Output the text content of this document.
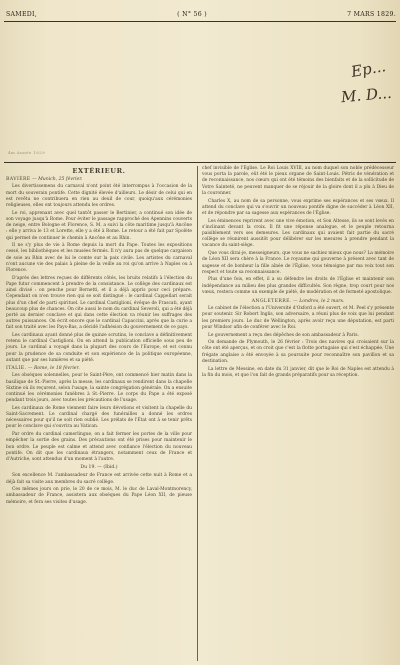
SAMEDI,	( N° 56 )	7 MARS 1829.
Ep...
M. D...
4m Année 1829
EXTÉRIEUR.
BAVIÈRE — Munich, 25 février.

Les divertissemens du carnaval n'ont point été interrompus à l'occasion de la mort du souverain pontife. Cette dignité élevée d'ailleurs. Le désir de celui qui en est revêtu ne contribuera en rien au deuil de cour, quoiqu'aux cérémonies religieuses, elles ont toujours attendu les ordres.

Le roi, apprenant avec quel tantôt passer le Bertinier, a continué son idée de son voyage jusqu'à Rome. Pour éviter le passage rapproché des Apennins couverts de neige, entre Bologne et Florence, S. M. a suivi la côte maritime jusqu'à Ancône : elle y arriva le 13 et Lorette, elle y a été à Rome. Le retour a été fait par Spolète qui permet de continuer le chemin à Ancône et au Rhin.

Il ne s'y plus de vie à Rome depuis la mort du Pape. Toutes les expositions cessé, les bibliothèques et les musées fermés. Il n'y aura pas de quelque cargaison de soie au Rhin avec de lui le comte sur la paix civile. Les artistes du carnaval n'ont aucune vie des palais à pleine de la veille au roi qu'on arrive à Naples ou à Florence.

D'après des lettres reçues de différents côtés, les bruits relatifs à l'élection du Pape futur commencent à prendre de la consistance. Le collège des cardinaux est ainsi divisé : on penche pour Bernetti, et il a déjà appris pour ceci prépare. Cependant on n'en trouve rien qui se soit distingué : le cardinal Cappellari serait plus d'un chef de parti spirituel. Le cardinal Castiglioni, évêque de Frascati, ayant beaucoup plus de chances. On cite aussi le nom du cardinal Severoli, qui a été déjà porté au dernier conclave et qui dans cette élection va réunir les suffrages des autres puissances. On écrit encore que le cardinal Capaccini, après que la curie a fait son traité avec les Pays-Bas, a décidé l'adhésion du gouvernement de ce pays.

Les cardinaux ayant donné plus de quinze scrutins, le conclave a définitivement retenu le cardinal Castiglioni. On en attend la publication officielle sous peu de jours. Le cardinal a voyagé dans la plupart des cours de l'Europe, et est connu pour la prudence de sa conduite et son expérience de la politique européenne, autant que par ses lumières et sa piété.

ITALIE. — Rome, le 18 février.

Les obsèques solennelles, pour le Saint-Père, ont commencé hier matin dans la basilique de St.-Pierre, après la messe, les cardinaux se rendirent dans la chapelle Sixtine où ils reçurent, selon l'usage, la sainte congrégation générale. On a ensuite continué les cérémonies funèbres à St.-Pierre. Le corps du Pape a été exposé pendant trois jours, avec toutes les précautions de l'usage.

Les cardinaux de Rome viennent faire leurs dévotions et visitent la chapelle du Saint-Sacrement. Le cardinal chargé des funérailles a donné les ordres nécessaires pour qu'il ne soit rien oublié. Les prélats de l'État ont à se tenir prêts pour le conclave qui s'ouvrira au Vatican.

Par ordre du cardinal camerlingue, on a fait fermer les portes de la ville pour empêcher la sortie des grains. Des précautions ont été prises pour maintenir le bon ordre. Le peuple est calme et attend avec confiance l'élection du nouveau pontife. On dit que les cardinaux étrangers, notamment ceux de France et d'Autriche, sont attendus d'un moment à l'autre.

Du 19. — (Ibid.)

Son excellence M. l'ambassadeur de France est arrivée cette nuit à Rome et a déjà fait sa visite aux membres du sacré collège.

Ces mêmes jours on prie, le 20 de ce mois, M. le duc de Laval-Montmorency, ambassadeur de France, assistera aux obsèques du Pape Léon XII, de pieuse mémoire, et fera ses visites d'usage.

chef invisible de l'Église. Le Roi Louis XVIII, au nom duquel son noble prédécesseur vous porta la parole, eût été le pieux organe de Saint-Louis. Pétris de vénération et de reconnaissance, nos cœurs qui ont été témoins des bienfaits et de la sollicitude de Votre Sainteté, ne peuvent manquer de se réjouir de la gloire dont il a plu à Dieu de la couronner.

Charles X, au nom de sa personne, vous exprime ses espérances et ses vœux. Il attend du conclave qui va s'ouvrir un nouveau pontife digne de succéder à Léon XII, et de répondre par sa sagesse aux espérances de l'Église.

Les éminences reprirent avec une vive émotion, et Son Altesse, ils se sont levés en s'inclinant devant la croix. Il fit une réponse analogue, et le peuple retourna paisiblement vers ses demeures. Les cardinaux qui avaient fait partie du sacré collège se réunirent aussitôt pour délibérer sur les mesures à prendre pendant la vacance du saint-siège.

Que vous dirai-je, messeigneurs, que vous ne sachiez mieux que nous? La mémoire de Léon XII sera chère à la France. Le royaume qui gouverne à présent avec tant de sagesse et de bonheur la fille aînée de l'Église, vous témoigne par ma voix tout son respect et toute sa reconnaissance.

Plus d'une fois, en effet, il a su défendre les droits de l'Église et maintenir son indépendance au milieu des plus grandes difficultés. Son règne, trop court pour nos vœux, restera comme un exemple de piété, de modération et de fermeté apostolique.

ANGLETERRE. — Londres, le 2 mars.

Le cabinet de l'élection a l'Université d'Oxford a été ouvert, et M. Peel s'y présente pour soutenir. Sir Robert Inglis, son adversaire, a réuni plus de voix que lui pendant les premiers jours. Le duc de Wellington, après avoir reçu une députation, est parti pour Windsor afin de conférer avec le Roi.

Le gouvernement a reçu des dépêches de son ambassadeur à Paris.

On demande de Plymouth, le 26 février : Trois des navires qui croisaient sur la côte ont été aperçus, et on croit que c'est la flotte portugaise qui s'est échappée. Une frégate anglaise a été envoyée à sa poursuite pour reconnaître son pavillon et sa destination.

La lettre de Messine, en date du 31 janvier, dit que le Roi de Naples est attendu à la fin du mois, et que l'on fait de grands préparatifs pour sa réception.
